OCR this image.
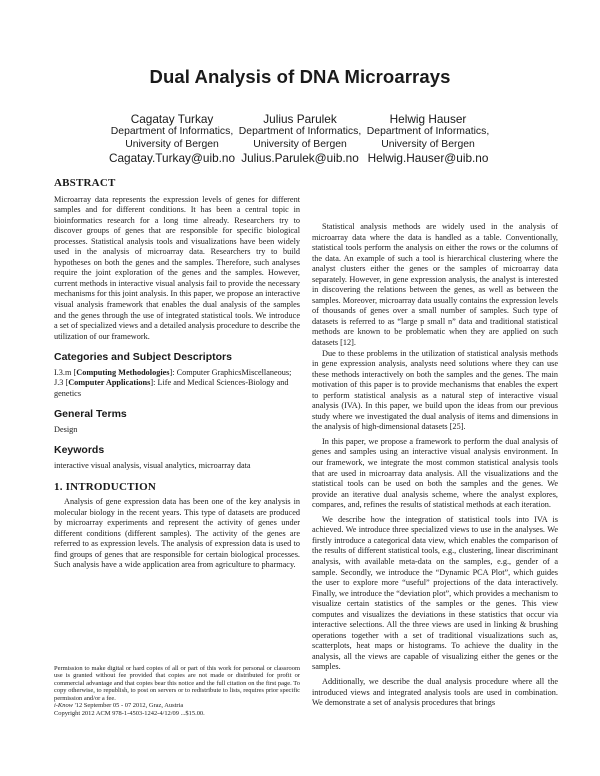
Dual Analysis of DNA Microarrays
Cagatay Turkay
Department of Informatics,
University of Bergen
Cagatay.Turkay@uib.no
Julius Parulek
Department of Informatics,
University of Bergen
Julius.Parulek@uib.no
Helwig Hauser
Department of Informatics,
University of Bergen
Helwig.Hauser@uib.no
ABSTRACT

Microarray data represents the expression levels of genes for different samples and for different conditions. It has been a central topic in bioinformatics research for a long time already. Researchers try to discover groups of genes that are responsible for specific biological processes. Statistical analysis tools and visualizations have been widely used in the analysis of microarray data. Researchers try to build hypotheses on both the genes and the samples. Therefore, such analyses require the joint exploration of the genes and the samples. However, current methods in interactive visual analysis fail to provide the necessary mechanisms for this joint analysis. In this paper, we propose an interactive visual analysis framework that enables the dual analysis of the samples and the genes through the use of integrated statistical tools. We introduce a set of specialized views and a detailed analysis procedure to describe the utilization of our framework.

Categories and Subject Descriptors

I.3.m [Computing Methodologies]: Computer GraphicsMiscellaneous; J.3 [Computer Applications]: Life and Medical Sciences-Biology and genetics

General Terms

Design

Keywords

interactive visual analysis, visual analytics, microarray data

1. INTRODUCTION

Analysis of gene expression data has been one of the key analysis in molecular biology in the recent years. This type of datasets are produced by microarray experiments and represent the activity of genes under different conditions (different samples). The activity of the genes are referred to as expression levels. The analysis of expression data is used to find groups of genes that are responsible for certain biological processes. Such analysis have a wide application area from agriculture to pharmacy.

Permission to make digital or hard copies of all or part of this work for personal or classroom use is granted without fee provided that copies are not made or distributed for profit or commercial advantage and that copies bear this notice and the full citation on the first page. To copy otherwise, to republish, to post on servers or to redistribute to lists, requires prior specific permission and/or a fee.

i-Know '12 September 05 - 07 2012, Graz, Austria

Copyright 2012 ACM 978-1-4503-1242-4/12/09 ...$15.00.

Statistical analysis methods are widely used in the analysis of microarray data where the data is handled as a table. Conventionally, statistical tools perform the analysis on either the rows or the columns of the data. An example of such a tool is hierarchical clustering where the analyst clusters either the genes or the samples of microarray data separately. However, in gene expression analysis, the analyst is interested in discovering the relations between the genes, as well as between the samples. Moreover, microarray data usually contains the expression levels of thousands of genes over a small number of samples. Such type of datasets is referred to as “large p small n” data and traditional statistical methods are known to be problematic when they are applied on such datasets [12].

Due to these problems in the utilization of statistical analysis methods in gene expression analysis, analysts need solutions where they can use these methods interactively on both the samples and the genes. The main motivation of this paper is to provide mechanisms that enables the expert to perform statistical analysis as a natural step of interactive visual analysis (IVA). In this paper, we build upon the ideas from our previous study where we investigated the dual analysis of items and dimensions in the analysis of high-dimensional datasets [25].

In this paper, we propose a framework to perform the dual analysis of genes and samples using an interactive visual analysis environment. In our framework, we integrate the most common statistical analysis tools that are used in microarray data analysis. All the visualizations and the statistical tools can be used on both the samples and the genes. We provide an iterative dual analysis scheme, where the analyst explores, compares, and, refines the results of statistical methods at each iteration.

We describe how the integration of statistical tools into IVA is achieved. We introduce three specialized views to use in the analyses. We firstly introduce a categorical data view, which enables the comparison of the results of different statistical tools, e.g., clustering, linear discriminant analysis, with available meta-data on the samples, e.g., gender of a sample. Secondly, we introduce the “Dynamic PCA Plot”, which guides the user to explore more “useful” projections of the data interactively. Finally, we introduce the “deviation plot”, which provides a mechanism to visualize certain statistics of the samples or the genes. This view computes and visualizes the deviations in these statistics that occur via interactive selections. All the three views are used in linking & brushing operations together with a set of traditional visualizations such as, scatterplots, heat maps or histograms. To achieve the duality in the analysis, all the views are capable of visualizing either the genes or the samples.

Additionally, we describe the dual analysis procedure where all the introduced views and integrated analysis tools are used in combination. We demonstrate a set of analysis procedures that brings
